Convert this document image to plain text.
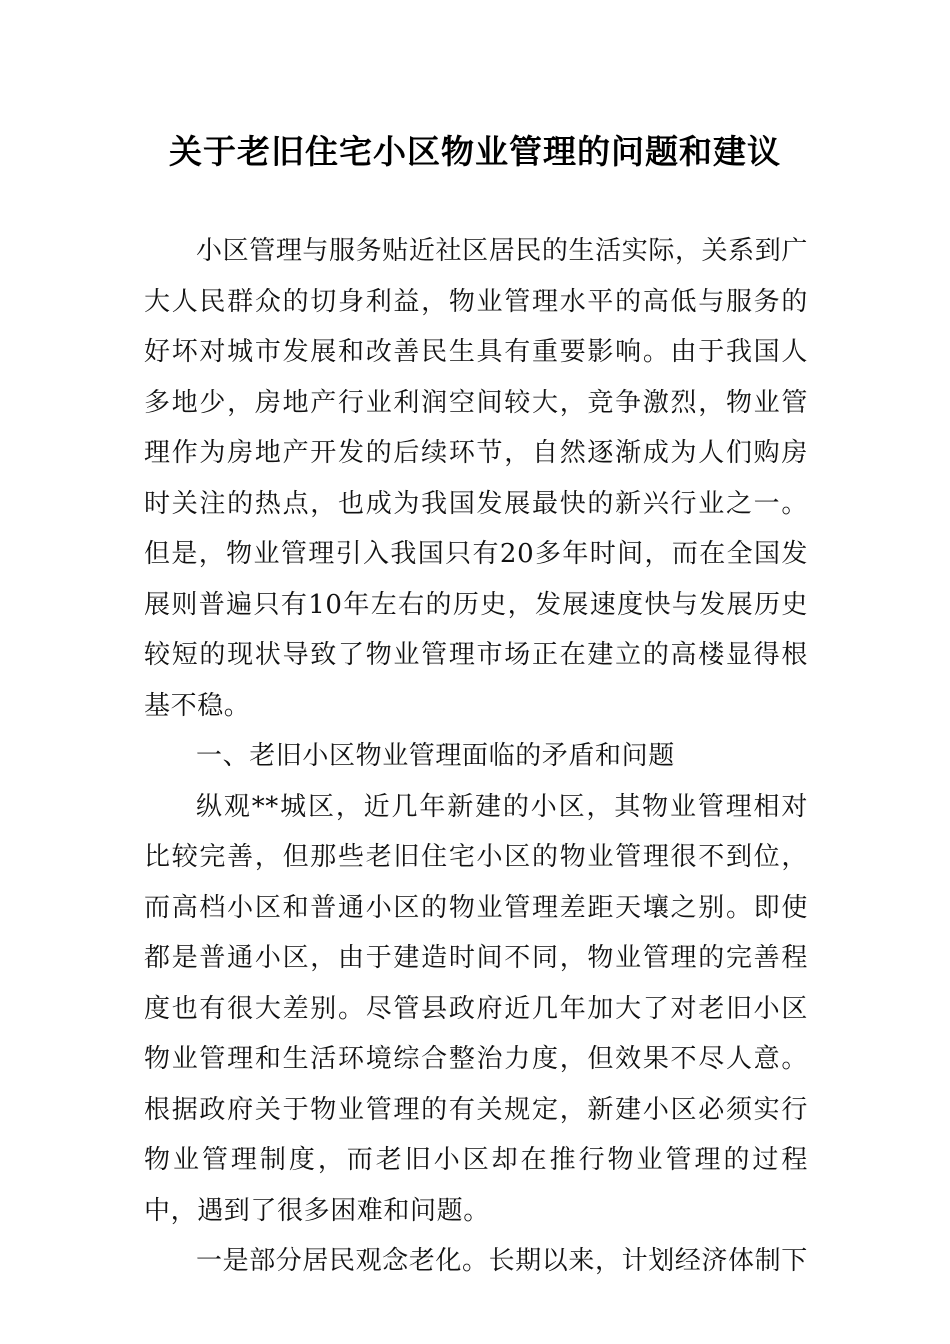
关于老旧住宅小区物业管理的问题和建议

小区管理与服务贴近社区居民的生活实际，关系到广大人民群众的切身利益，物业管理水平的高低与服务的好坏对城市发展和改善民生具有重要影响。由于我国人多地少，房地产行业利润空间较大，竞争激烈，物业管理作为房地产开发的后续环节，自然逐渐成为人们购房时关注的热点，也成为我国发展最快的新兴行业之一。但是，物业管理引入我国只有20多年时间，而在全国发展则普遍只有10年左右的历史，发展速度快与发展历史较短的现状导致了物业管理市场正在建立的高楼显得根基不稳。

一、老旧小区物业管理面临的矛盾和问题

纵观**城区，近几年新建的小区，其物业管理相对比较完善，但那些老旧住宅小区的物业管理很不到位，而高档小区和普通小区的物业管理差距天壤之别。即使都是普通小区，由于建造时间不同，物业管理的完善程度也有很大差别。尽管县政府近几年加大了对老旧小区物业管理和生活环境综合整治力度，但效果不尽人意。根据政府关于物业管理的有关规定，新建小区必须实行物业管理制度，而老旧小区却在推行物业管理的过程中，遇到了很多困难和问题。

一是部分居民观念老化。长期以来，计划经济体制下
